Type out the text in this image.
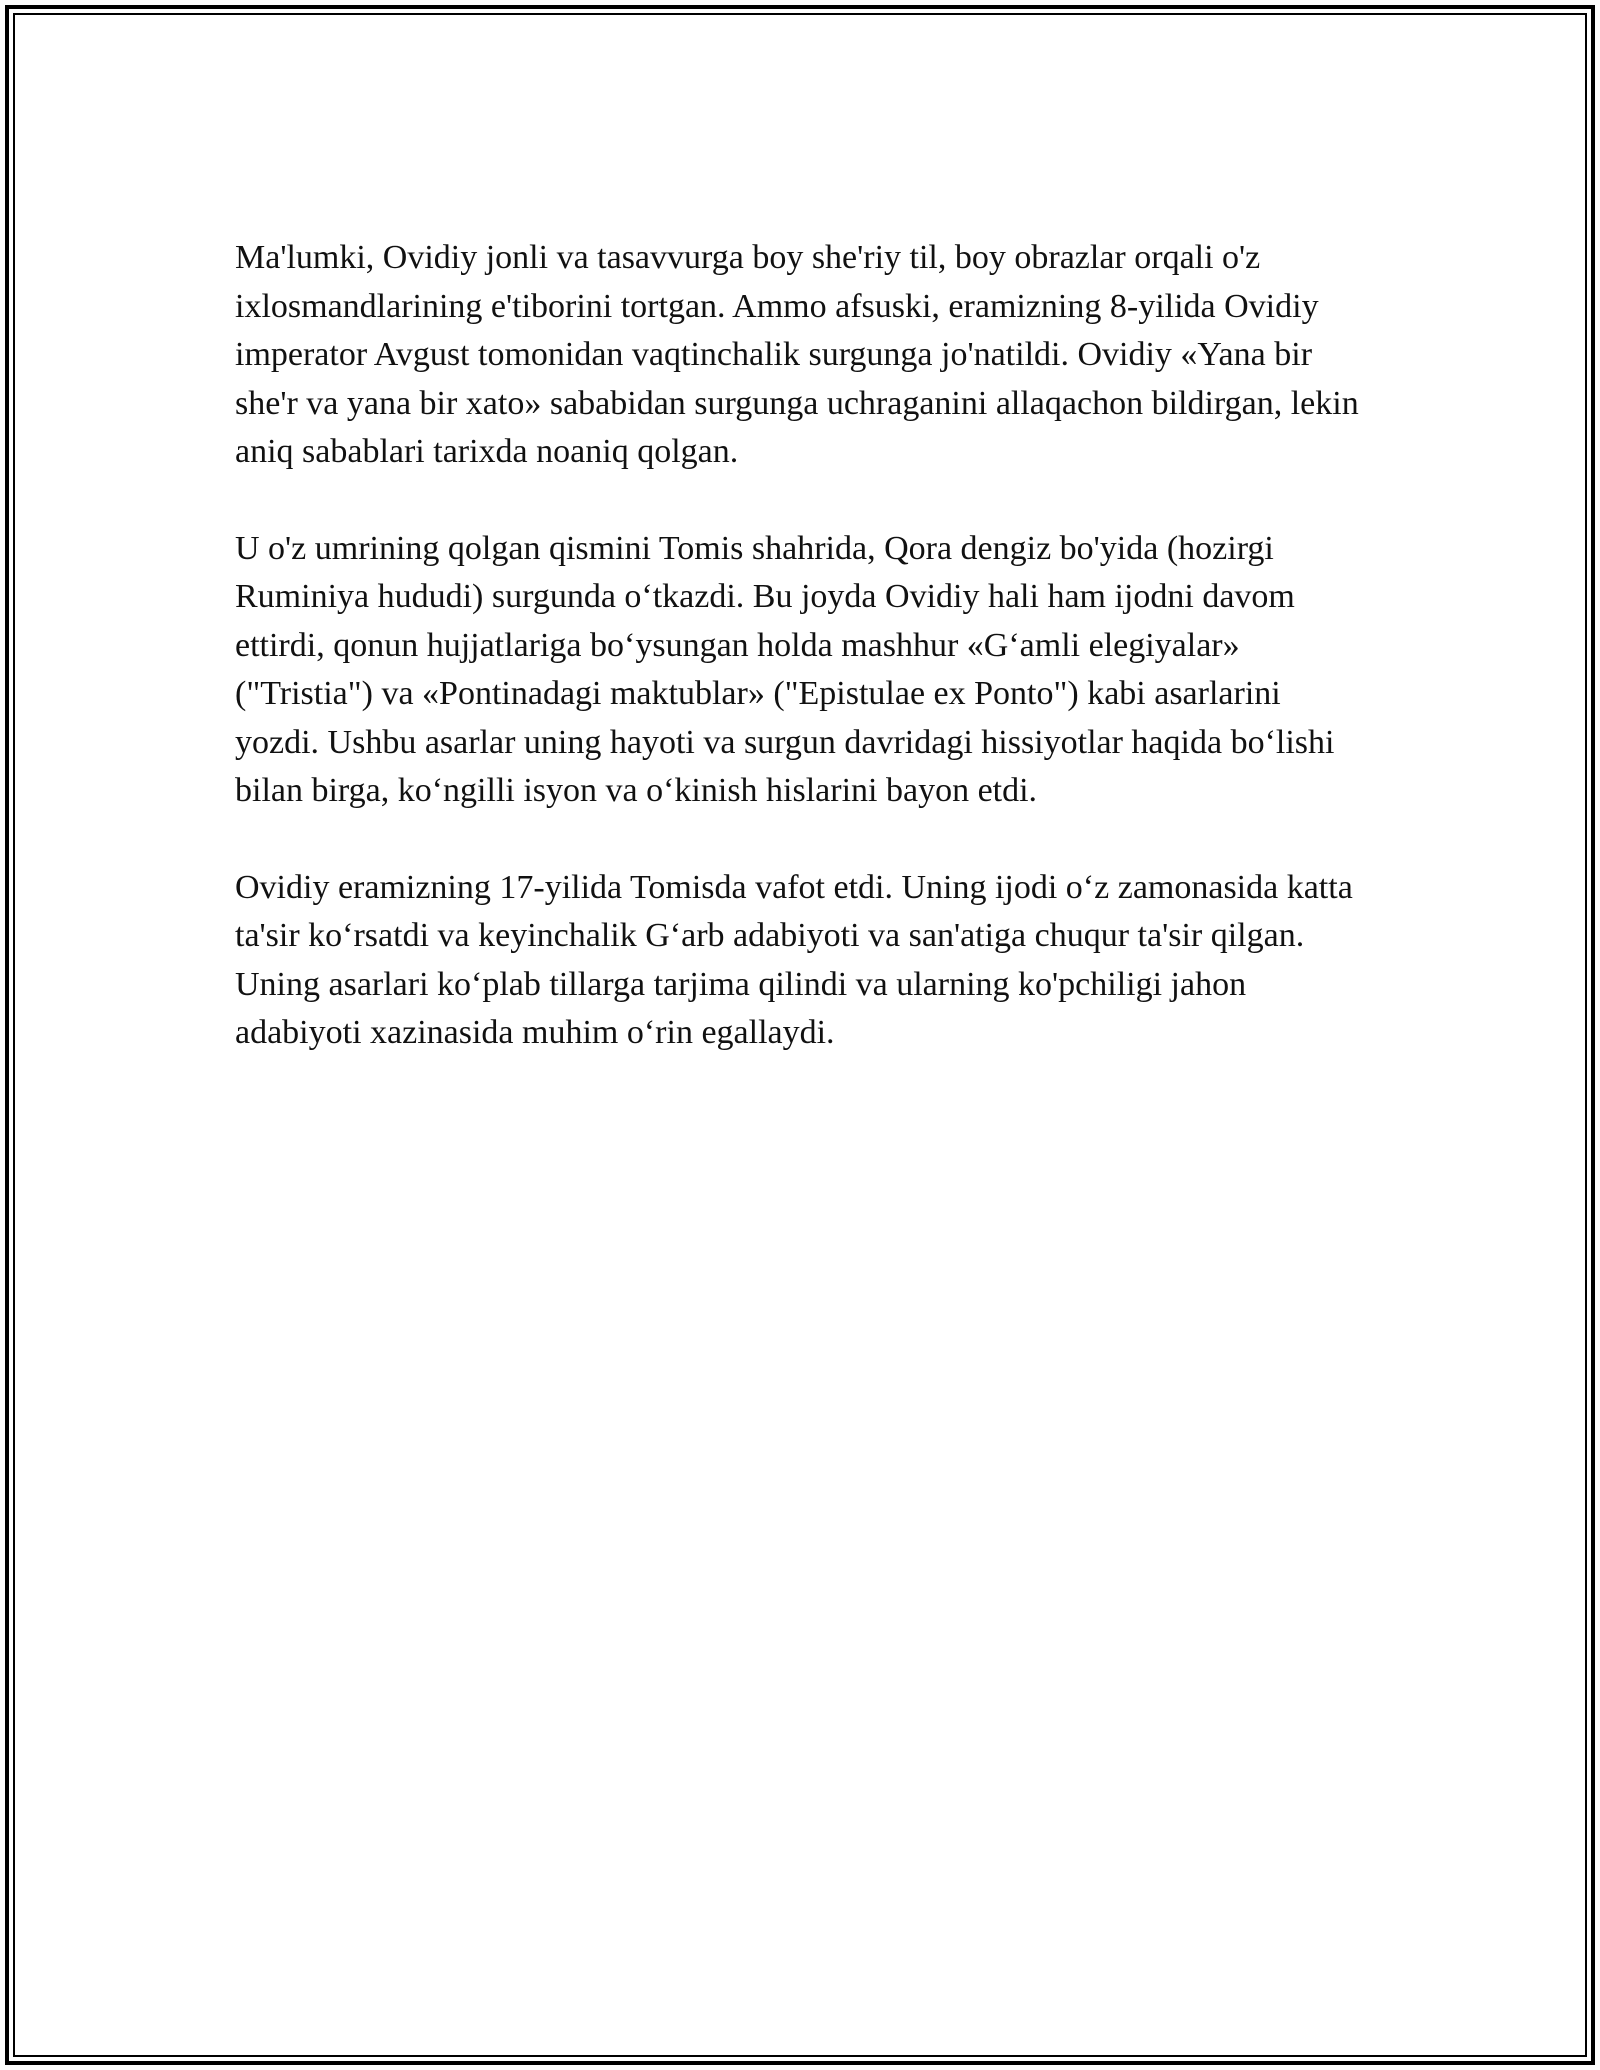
Ma'lumki, Ovidiy jonli va tasavvurga boy she'riy til, boy obrazlar orqali o'z ixlosmandlarining e'tiborini tortgan. Ammo afsuski, eramizning 8-yilida Ovidiy imperator Avgust tomonidan vaqtinchalik surgunga jo'natildi. Ovidiy «Yana bir she'r va yana bir xato» sababidan surgunga uchraganini allaqachon bildirgan, lekin aniq sabablari tarixda noaniq qolgan.

U o'z umrining qolgan qismini Tomis shahrida, Qora dengiz bo'yida (hozirgi Ruminiya hududi) surgunda o‘tkazdi. Bu joyda Ovidiy hali ham ijodni davom ettirdi, qonun hujjatlariga bo‘ysungan holda mashhur «G‘amli elegiyalar» ("Tristia") va «Pontinadagi maktublar» ("Epistulae ex Ponto") kabi asarlarini yozdi. Ushbu asarlar uning hayoti va surgun davridagi hissiyotlar haqida bo‘lishi bilan birga, ko‘ngilli isyon va o‘kinish hislarini bayon etdi.

Ovidiy eramizning 17-yilida Tomisda vafot etdi. Uning ijodi o‘z zamonasida katta ta'sir ko‘rsatdi va keyinchalik G‘arb adabiyoti va san'atiga chuqur ta'sir qilgan. Uning asarlari ko‘plab tillarga tarjima qilindi va ularning ko'pchiligi jahon adabiyoti xazinasida muhim o‘rin egallaydi.
